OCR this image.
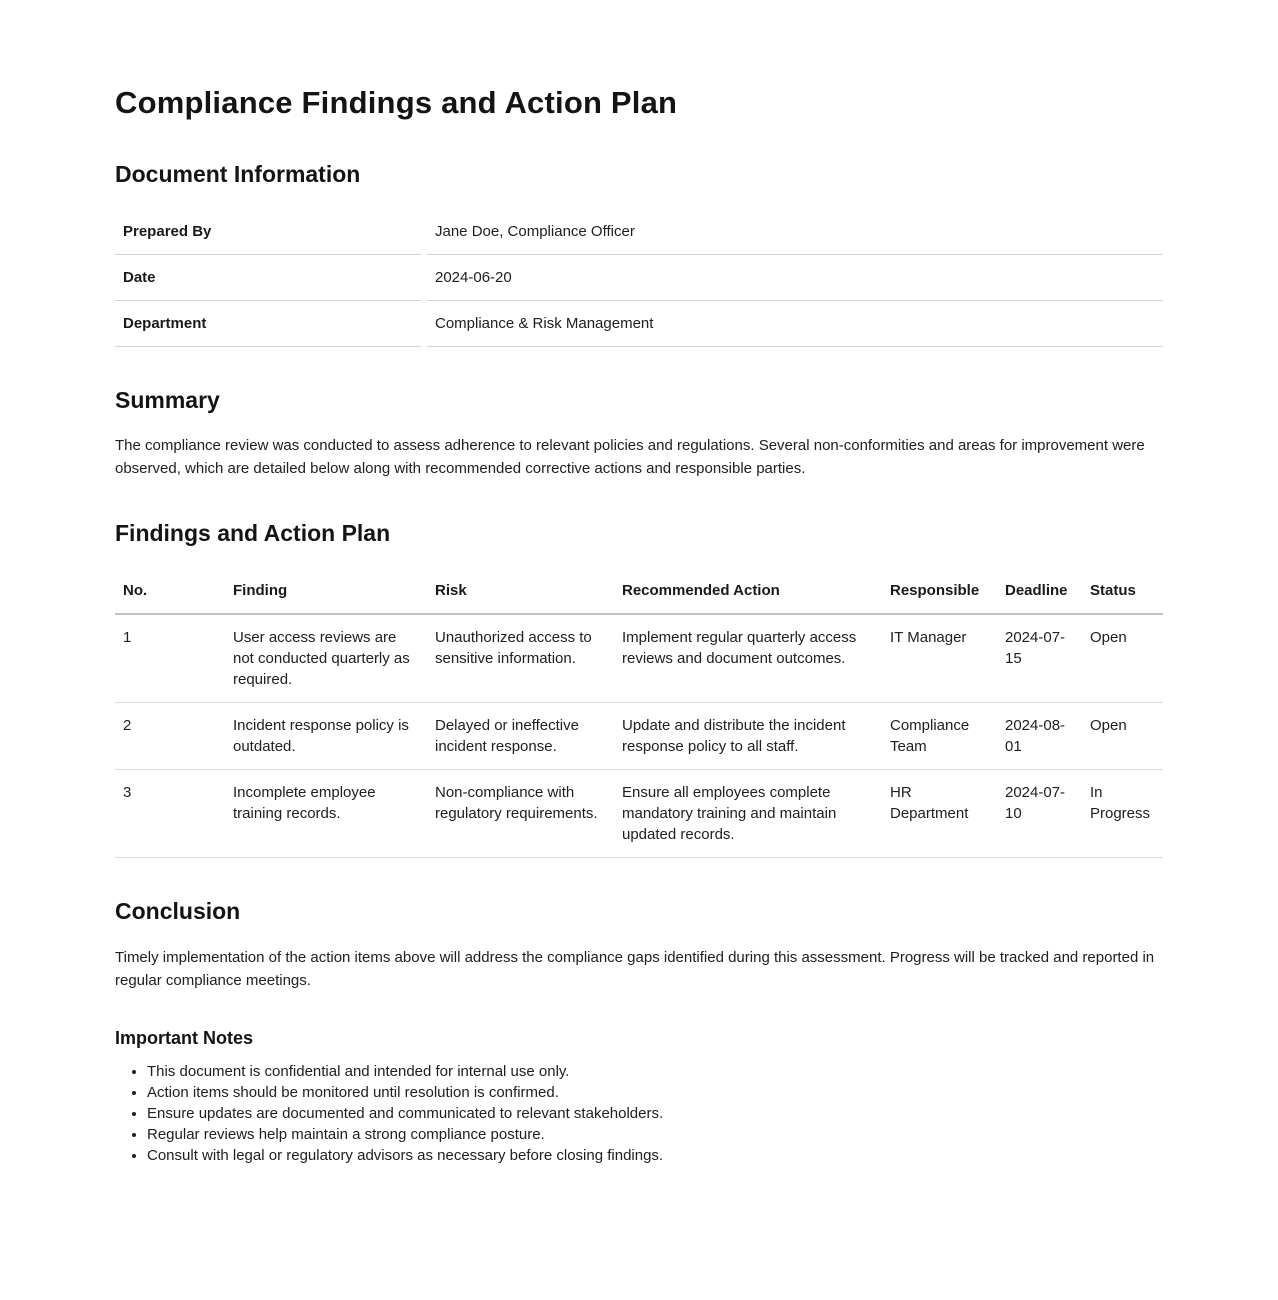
Compliance Findings and Action Plan
Document Information
Prepared By	Jane Doe, Compliance Officer
Date	2024-06-20
Department	Compliance & Risk Management
Summary

The compliance review was conducted to assess adherence to relevant policies and regulations. Several non-conformities and areas for improvement were observed, which are detailed below along with recommended corrective actions and responsible parties.

Findings and Action Plan
No.	Finding	Risk	Recommended Action	Responsible	Deadline	Status
1	User access reviews are not conducted quarterly as required.	Unauthorized access to sensitive information.	Implement regular quarterly access reviews and document outcomes.	IT Manager	2024-07-15	Open
2	Incident response policy is outdated.	Delayed or ineffective incident response.	Update and distribute the incident response policy to all staff.	Compliance Team	2024-08-01	Open
3	Incomplete employee training records.	Non-compliance with regulatory requirements.	Ensure all employees complete mandatory training and maintain updated records.	HR Department	2024-07-10	In Progress
Conclusion

Timely implementation of the action items above will address the compliance gaps identified during this assessment. Progress will be tracked and reported in regular compliance meetings.

Important Notes
• This document is confidential and intended for internal use only.
• Action items should be monitored until resolution is confirmed.
• Ensure updates are documented and communicated to relevant stakeholders.
• Regular reviews help maintain a strong compliance posture.
• Consult with legal or regulatory advisors as necessary before closing findings.
